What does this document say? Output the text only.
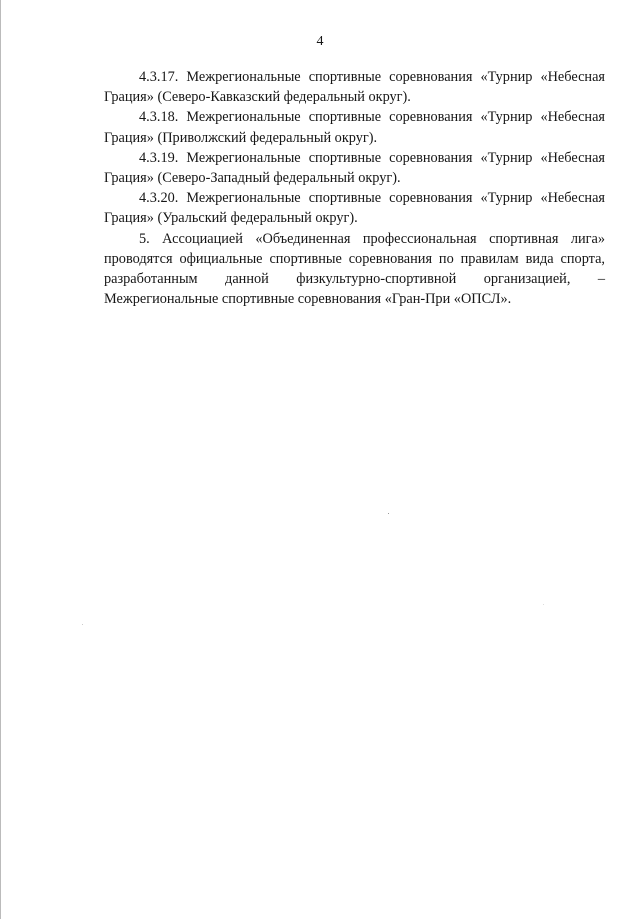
4

4.3.17. Межрегиональные спортивные соревнования «Турнир «Небесная
Грация» (Северо-Кавказский федеральный округ).

4.3.18. Межрегиональные спортивные соревнования «Турнир «Небесная
Грация» (Приволжский федеральный округ).

4.3.19. Межрегиональные спортивные соревнования «Турнир «Небесная
Грация» (Северо-Западный федеральный округ).

4.3.20. Межрегиональные спортивные соревнования «Турнир «Небесная
Грация» (Уральский федеральный округ).

5. Ассоциацией «Объединенная профессиональная спортивная лига»
проводятся официальные спортивные соревнования по правилам вида спорта,
разработанным данной физкультурно-спортивной организацией, –
Межрегиональные спортивные соревнования «Гран-При «ОПСЛ».
